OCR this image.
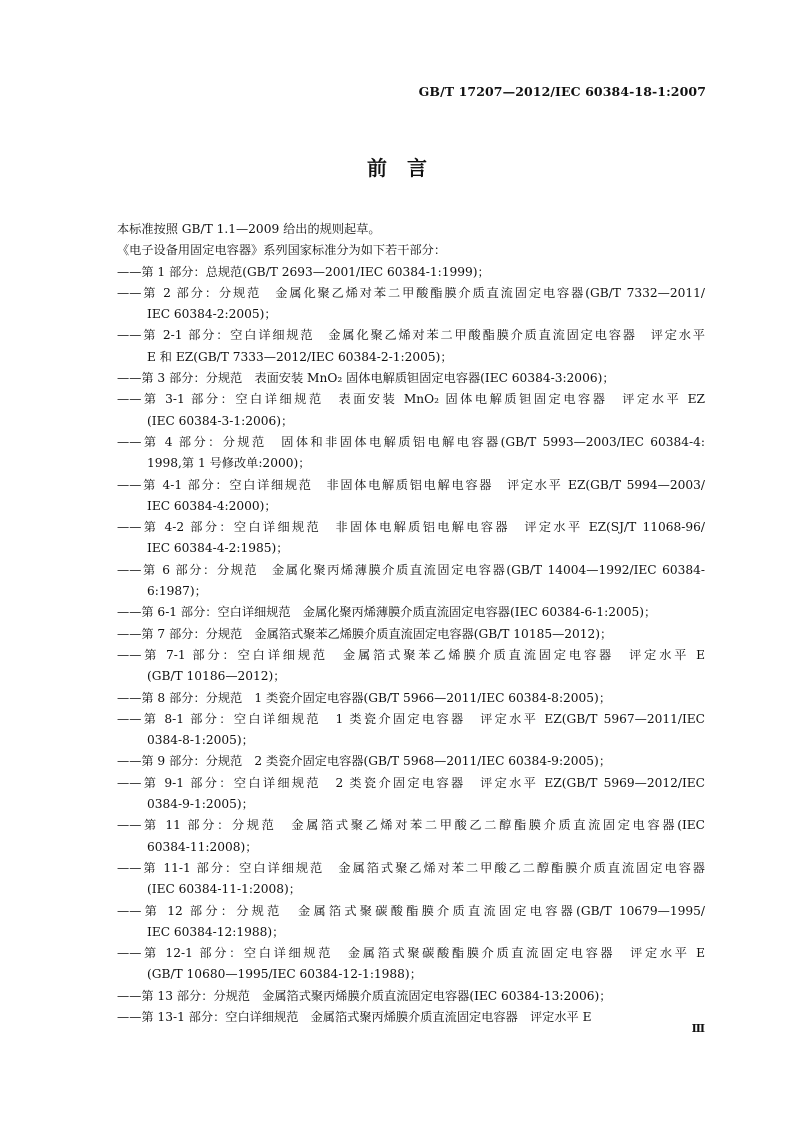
GB/T 17207—2012/IEC 60384-18-1:2007
前　言

本标准按照 GB/T 1.1—2009 给出的规则起草。

《电子设备用固定电容器》系列国家标准分为如下若干部分：

——第 1 部分：总规范(GB/T 2693—2001/IEC 60384-1:1999)；
——第 2 部分：分规范　金属化聚乙烯对苯二甲酸酯膜介质直流固定电容器(GB/T 7332—2011/
IEC 60384-2:2005)；
——第 2-1 部分：空白详细规范　金属化聚乙烯对苯二甲酸酯膜介质直流固定电容器　评定水平
E 和 EZ(GB/T 7333—2012/IEC 60384-2-1:2005)；
——第 3 部分：分规范　表面安装 MnO₂ 固体电解质钽固定电容器(IEC 60384-3:2006)；
——第 3-1 部分：空白详细规范　表面安装 MnO₂ 固体电解质钽固定电容器　评定水平 EZ
(IEC 60384-3-1:2006)；
——第 4 部分：分规范　固体和非固体电解质铝电解电容器(GB/T 5993—2003/IEC 60384-4:
1998,第 1 号修改单:2000)；
——第 4-1 部分：空白详细规范　非固体电解质铝电解电容器　评定水平 EZ(GB/T 5994—2003/
IEC 60384-4:2000)；
——第 4-2 部分：空白详细规范　非固体电解质铝电解电容器　评定水平 EZ(SJ/T 11068-96/
IEC 60384-4-2:1985)；
——第 6 部分：分规范　金属化聚丙烯薄膜介质直流固定电容器(GB/T 14004—1992/IEC 60384-
6:1987)；
——第 6-1 部分：空白详细规范　金属化聚丙烯薄膜介质直流固定电容器(IEC 60384-6-1:2005)；
——第 7 部分：分规范　金属箔式聚苯乙烯膜介质直流固定电容器(GB/T 10185—2012)；
——第 7-1 部分：空白详细规范　金属箔式聚苯乙烯膜介质直流固定电容器　评定水平 E
(GB/T 10186—2012)；
——第 8 部分：分规范　1 类瓷介固定电容器(GB/T 5966—2011/IEC 60384-8:2005)；
——第 8-1 部分：空白详细规范　1 类瓷介固定电容器　评定水平 EZ(GB/T 5967—2011/IEC
0384-8-1:2005)；
——第 9 部分：分规范　2 类瓷介固定电容器(GB/T 5968—2011/IEC 60384-9:2005)；
——第 9-1 部分：空白详细规范　2 类瓷介固定电容器　评定水平 EZ(GB/T 5969—2012/IEC
0384-9-1:2005)；
——第 11 部分：分规范　金属箔式聚乙烯对苯二甲酸乙二醇酯膜介质直流固定电容器(IEC
60384-11:2008)；
——第 11-1 部分：空白详细规范　金属箔式聚乙烯对苯二甲酸乙二醇酯膜介质直流固定电容器
(IEC 60384-11-1:2008)；
——第 12 部分：分规范　金属箔式聚碳酸酯膜介质直流固定电容器(GB/T 10679—1995/
IEC 60384-12:1988)；
——第 12-1 部分：空白详细规范　金属箔式聚碳酸酯膜介质直流固定电容器　评定水平 E
(GB/T 10680—1995/IEC 60384-12-1:1988)；
——第 13 部分：分规范　金属箔式聚丙烯膜介质直流固定电容器(IEC 60384-13:2006)；
——第 13-1 部分：空白详细规范　金属箔式聚丙烯膜介质直流固定电容器　评定水平 E
Ⅲ
